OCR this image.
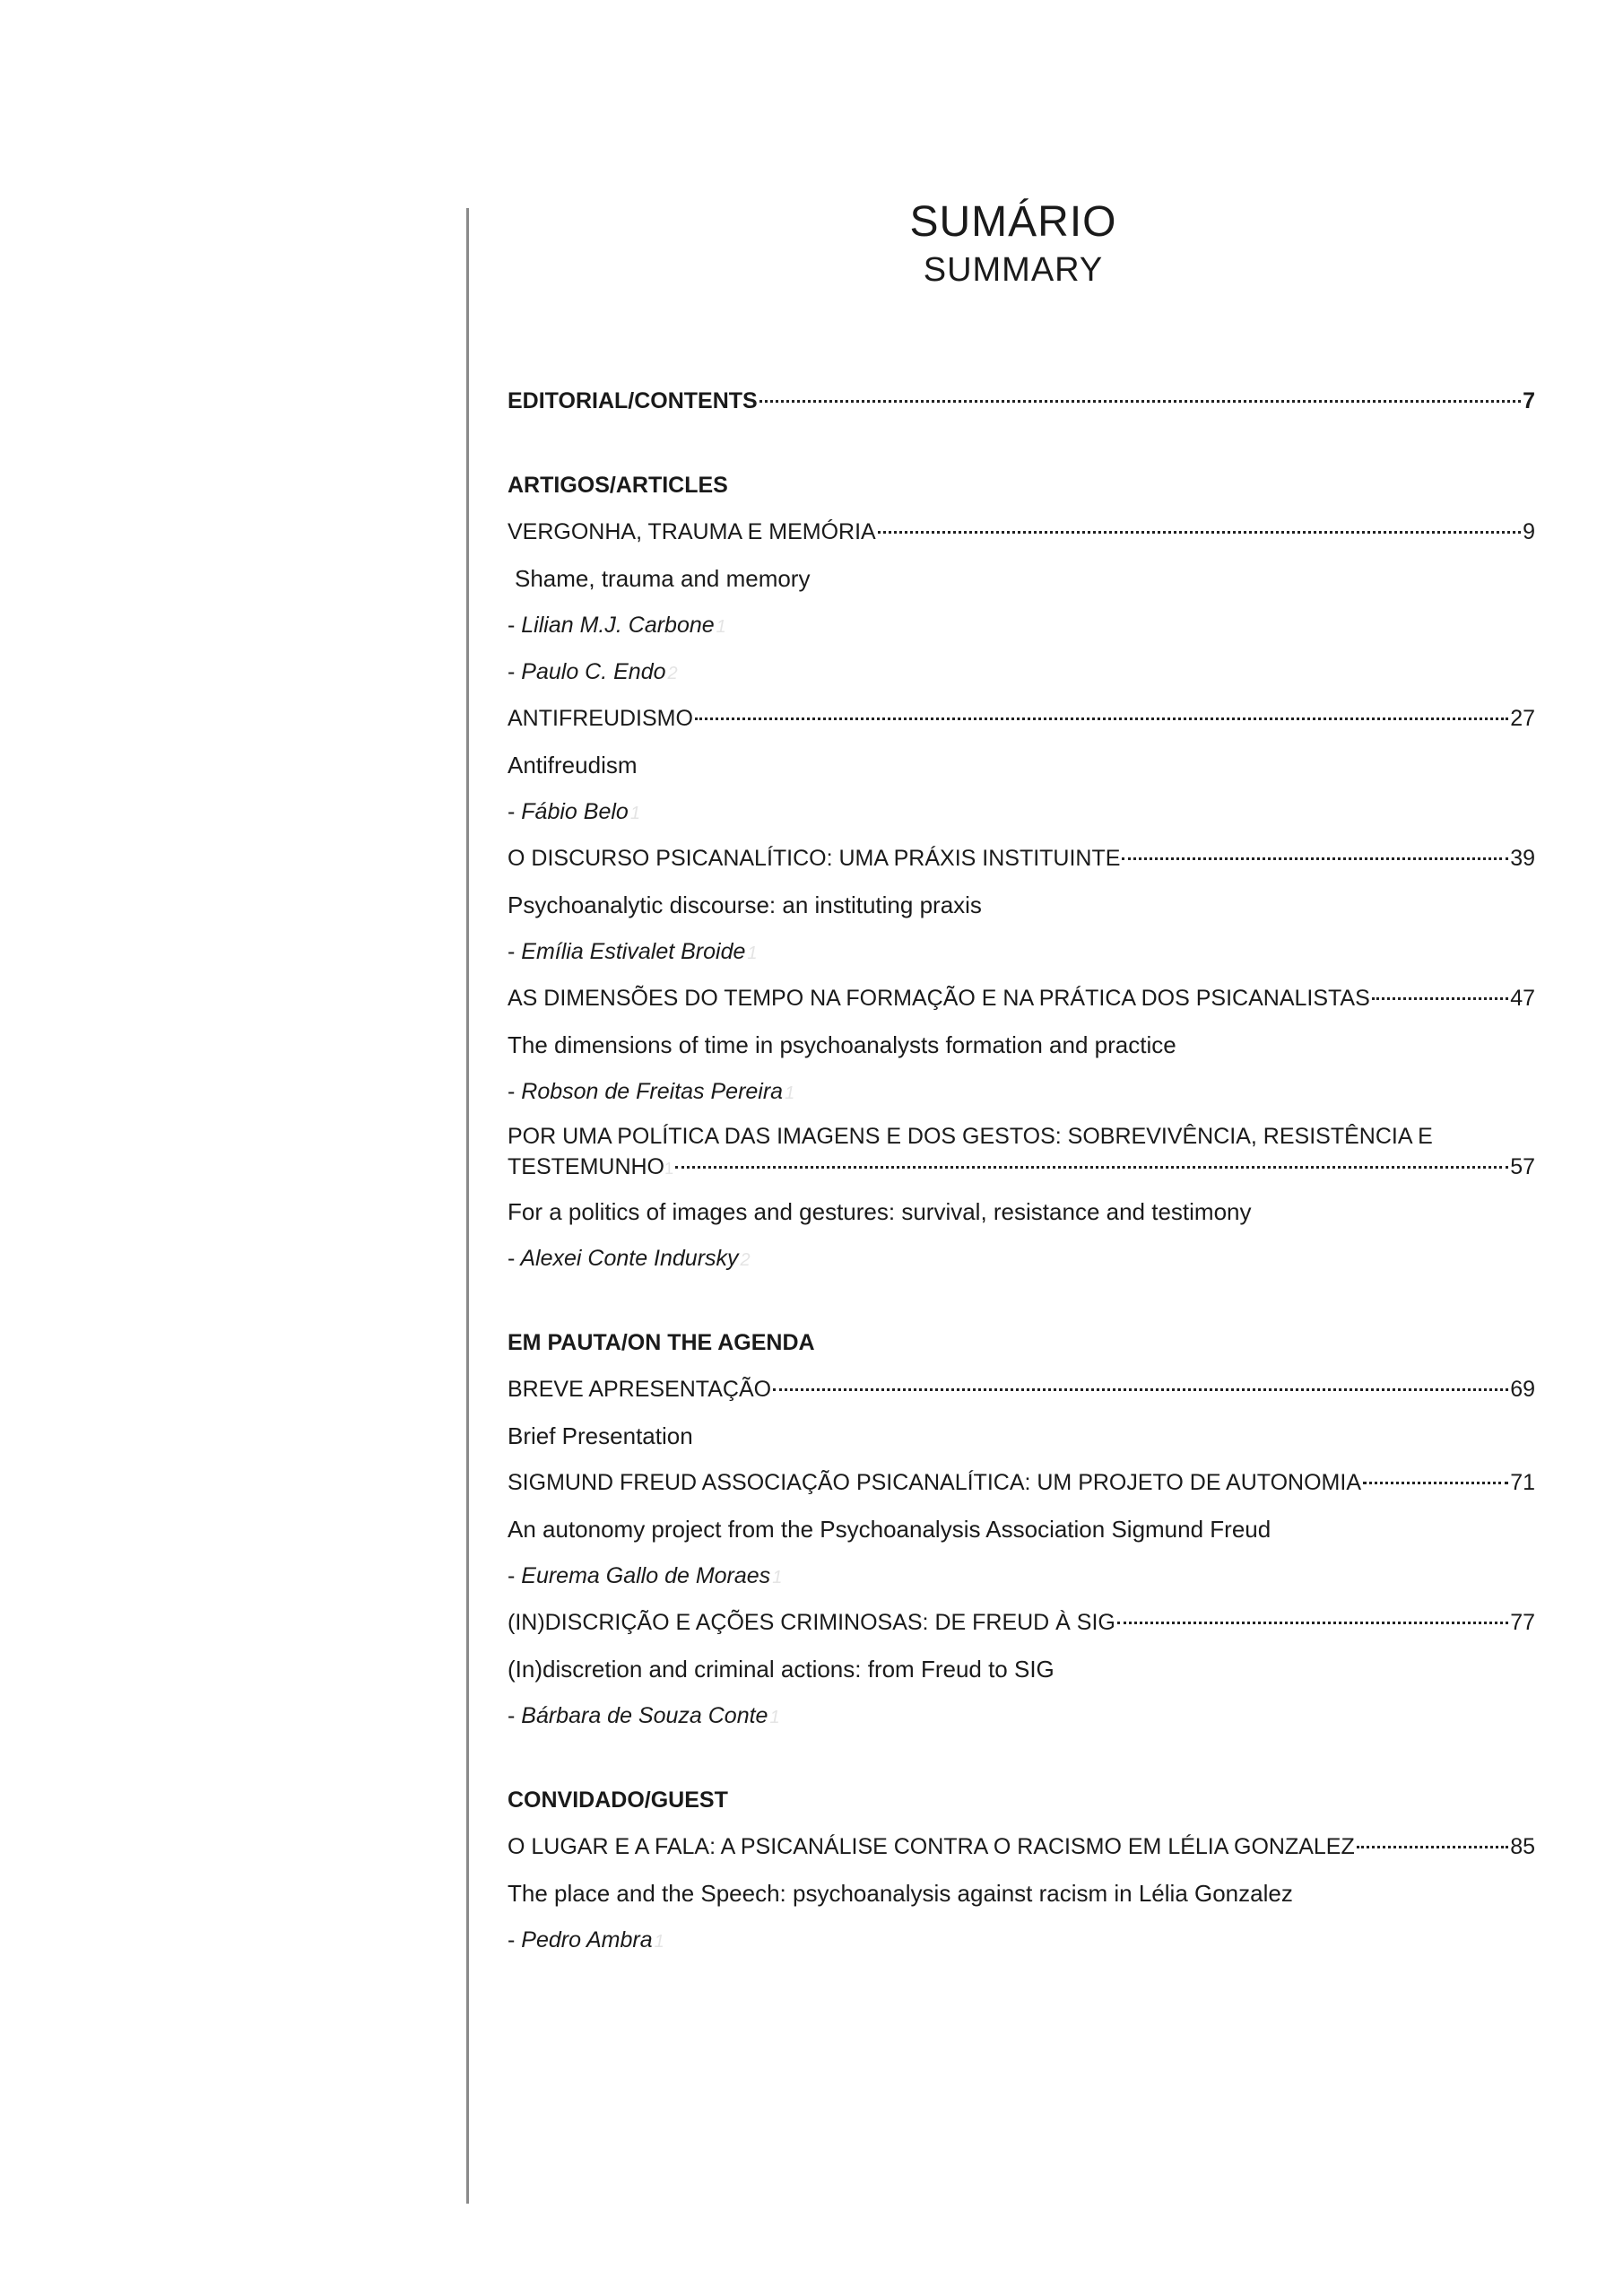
SUMÁRIO
SUMMARY
EDITORIAL/CONTENTS	7
ARTIGOS/ARTICLES
VERGONHA, TRAUMA E MEMÓRIA	9
Shame, trauma and memory
- Lilian M.J. Carbone 1
- Paulo C. Endo 2
ANTIFREUDISMO	27
Antifreudism
- Fábio Belo 1
O DISCURSO PSICANALÍTICO: UMA PRÁXIS INSTITUINTE	39
Psychoanalytic discourse: an instituting praxis
- Emília Estivalet Broide 1
AS DIMENSÕES DO TEMPO NA FORMAÇÃO E NA PRÁTICA DOS PSICANALISTAS	47
The dimensions of time in psychoanalysts formation and practice
- Robson de Freitas Pereira 1
POR UMA POLÍTICA DAS IMAGENS E DOS GESTOS: SOBREVIVÊNCIA, RESISTÊNCIA E
TESTEMUNHO 1	57
For a politics of images and gestures: survival, resistance and testimony
- Alexei Conte Indursky 2
EM PAUTA/ON THE AGENDA
BREVE APRESENTAÇÃO	69
Brief Presentation
SIGMUND FREUD ASSOCIAÇÃO PSICANALÍTICA: UM PROJETO DE AUTONOMIA	71
An autonomy project from the Psychoanalysis Association Sigmund Freud
- Eurema Gallo de Moraes 1
(IN)DISCRIÇÃO E AÇÕES CRIMINOSAS: DE FREUD À SIG	77
(In)discretion and criminal actions: from Freud to SIG
- Bárbara de Souza Conte 1
CONVIDADO/GUEST
O LUGAR E A FALA: A PSICANÁLISE CONTRA O RACISMO EM LÉLIA GONZALEZ	85
The place and the Speech: psychoanalysis against racism in Lélia Gonzalez
- Pedro Ambra 1
